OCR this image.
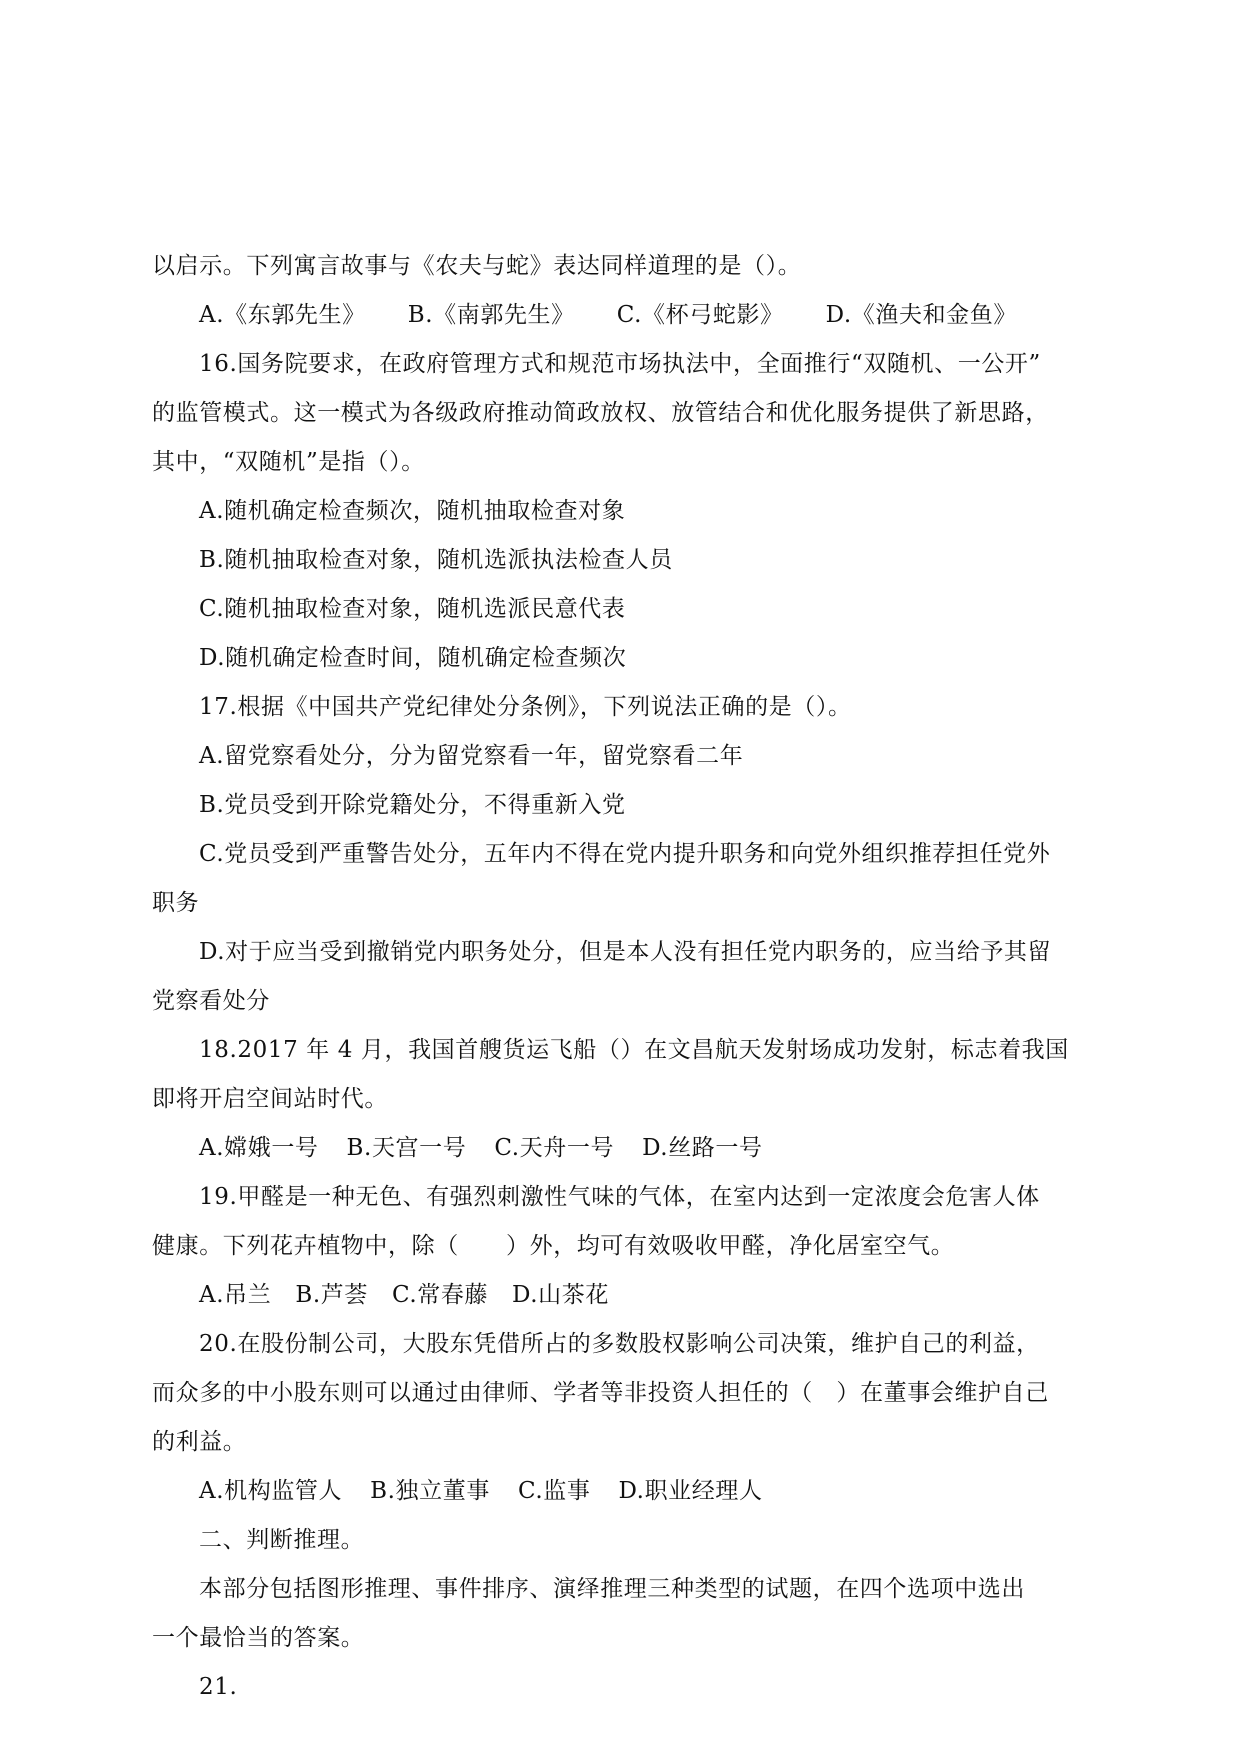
以启示。下列寓言故事与《农夫与蛇》表达同样道理的是（）。
A.《东郭先生》 B.《南郭先生》 C.《杯弓蛇影》 D.《渔夫和金鱼》
16.国务院要求，在政府管理方式和规范市场执法中，全面推行“双随机、一公开”
的监管模式。这一模式为各级政府推动简政放权、放管结合和优化服务提供了新思路，
其中，“双随机”是指（）。
A.随机确定检查频次，随机抽取检查对象
B.随机抽取检查对象，随机选派执法检查人员
C.随机抽取检查对象，随机选派民意代表
D.随机确定检查时间，随机确定检查频次
17.根据《中国共产党纪律处分条例》，下列说法正确的是（）。
A.留党察看处分，分为留党察看一年，留党察看二年
B.党员受到开除党籍处分，不得重新入党
C.党员受到严重警告处分，五年内不得在党内提升职务和向党外组织推荐担任党外
职务
D.对于应当受到撤销党内职务处分，但是本人没有担任党内职务的，应当给予其留
党察看处分
18.2017 年 4 月，我国首艘货运飞船（）在文昌航天发射场成功发射，标志着我国
即将开启空间站时代。
A.嫦娥一号 B.天宫一号 C.天舟一号 D.丝路一号
19.甲醛是一种无色、有强烈刺激性气味的气体，在室内达到一定浓度会危害人体
健康。下列花卉植物中，除（　　）外，均可有效吸收甲醛，净化居室空气。
A.吊兰 B.芦荟 C.常春藤 D.山茶花
20.在股份制公司，大股东凭借所占的多数股权影响公司决策，维护自己的利益，
而众多的中小股东则可以通过由律师、学者等非投资人担任的（　）在董事会维护自己
的利益。
A.机构监管人 B.独立董事 C.监事 D.职业经理人
二、判断推理。
本部分包括图形推理、事件排序、演绎推理三种类型的试题，在四个选项中选出
一个最恰当的答案。
21.
